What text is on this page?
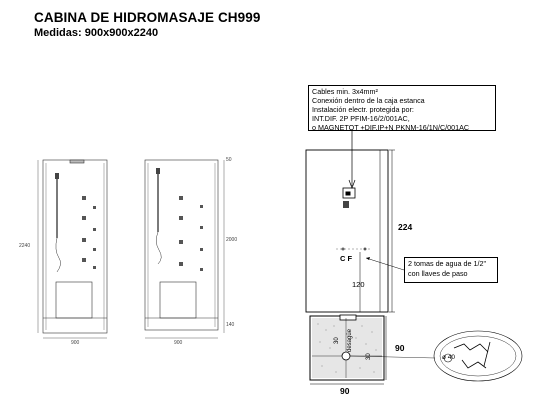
CABINA DE HIDROMASAJE CH999
Medidas: 900x900x2240
2240
900
50
2000
140
900
Cables min. 3x4mm²
Conexión dentro de la caja estanca
Instalación electr. protegida por:
INT.DIF. 2P PFIM-16/2/001AC,
o MAGNETOT +DIF.IP+N PKNM-16/1N/C/001AC
224
C F
120
2 tomas de agua de 1/2"
con llaves de paso
30
30
desagüe	90
90
ø 40
